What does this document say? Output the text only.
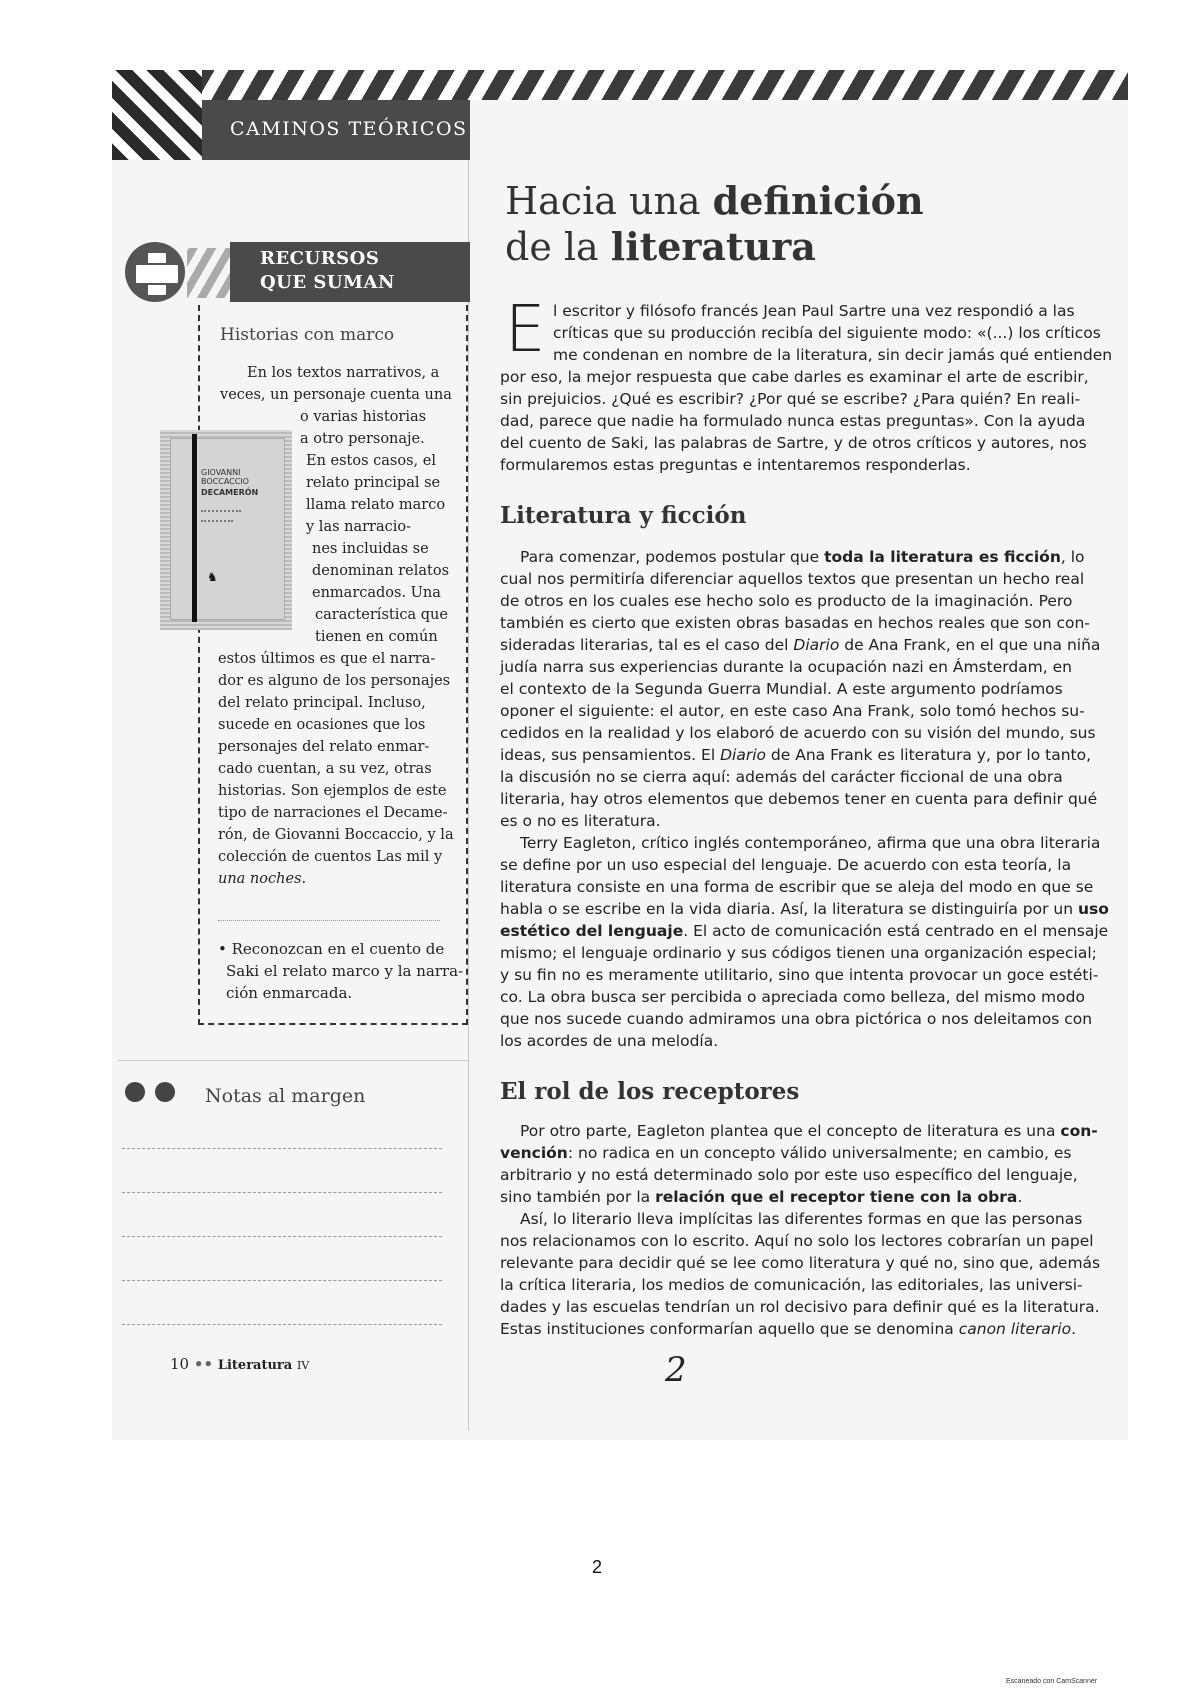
CAMINOS TEÓRICOS
Hacia una definición
de la literatura
RECURSOS
QUE SUMAN
Historias con marco
GIOVANNI
BOCCACCIO
DECAMERÓN
♞
En los textos narrativos, a
veces, un personaje cuenta una
o varias historias
a otro personaje.
En estos casos, el
relato principal se
llama relato marco
y las narracio-
nes incluidas se
denominan relatos
enmarcados. Una
característica que
tienen en común
estos últimos es que el narra-
dor es alguno de los personajes
del relato principal. Incluso,
sucede en ocasiones que los
personajes del relato enmar-
cado cuentan, a su vez, otras
historias. Son ejemplos de este
tipo de narraciones el Decame-
rón, de Giovanni Boccaccio, y la
colección de cuentos Las mil y
una noches.
• Reconozcan en el cuento de
Saki el relato marco y la narra-
ción enmarcada.
Notas al margen
10 •• Literatura IV	2
E l escritor y filósofo francés Jean Paul Sartre una vez respondió a las
críticas que su producción recibía del siguiente modo: «(...) los críticos
me condenan en nombre de la literatura, sin decir jamás qué entienden
por eso, la mejor respuesta que cabe darles es examinar el arte de escribir,
sin prejuicios. ¿Qué es escribir? ¿Por qué se escribe? ¿Para quién? En reali-
dad, parece que nadie ha formulado nunca estas preguntas». Con la ayuda
del cuento de Saki, las palabras de Sartre, y de otros críticos y autores, nos
formularemos estas preguntas e intentaremos responderlas.
Literatura y ficción
Para comenzar, podemos postular que toda la literatura es ficción, lo
cual nos permitiría diferenciar aquellos textos que presentan un hecho real
de otros en los cuales ese hecho solo es producto de la imaginación. Pero
también es cierto que existen obras basadas en hechos reales que son con-
sideradas literarias, tal es el caso del Diario de Ana Frank, en el que una niña
judía narra sus experiencias durante la ocupación nazi en Ámsterdam, en
el contexto de la Segunda Guerra Mundial. A este argumento podríamos
oponer el siguiente: el autor, en este caso Ana Frank, solo tomó hechos su-
cedidos en la realidad y los elaboró de acuerdo con su visión del mundo, sus
ideas, sus pensamientos. El Diario de Ana Frank es literatura y, por lo tanto,
la discusión no se cierra aquí: además del carácter ficcional de una obra
literaria, hay otros elementos que debemos tener en cuenta para definir qué
es o no es literatura.
Terry Eagleton, crítico inglés contemporáneo, afirma que una obra literaria
se define por un uso especial del lenguaje. De acuerdo con esta teoría, la
literatura consiste en una forma de escribir que se aleja del modo en que se
habla o se escribe en la vida diaria. Así, la literatura se distinguiría por un uso
estético del lenguaje. El acto de comunicación está centrado en el mensaje
mismo; el lenguaje ordinario y sus códigos tienen una organización especial;
y su fin no es meramente utilitario, sino que intenta provocar un goce estéti-
co. La obra busca ser percibida o apreciada como belleza, del mismo modo
que nos sucede cuando admiramos una obra pictórica o nos deleitamos con
los acordes de una melodía.
El rol de los receptores
Por otro parte, Eagleton plantea que el concepto de literatura es una con-
vención: no radica en un concepto válido universalmente; en cambio, es
arbitrario y no está determinado solo por este uso específico del lenguaje,
sino también por la relación que el receptor tiene con la obra.
Así, lo literario lleva implícitas las diferentes formas en que las personas
nos relacionamos con lo escrito. Aquí no solo los lectores cobrarían un papel
relevante para decidir qué se lee como literatura y qué no, sino que, además
la crítica literaria, los medios de comunicación, las editoriales, las universi-
dades y las escuelas tendrían un rol decisivo para definir qué es la literatura.
Estas instituciones conformarían aquello que se denomina canon literario.
2
Escaneado con CamScanner
